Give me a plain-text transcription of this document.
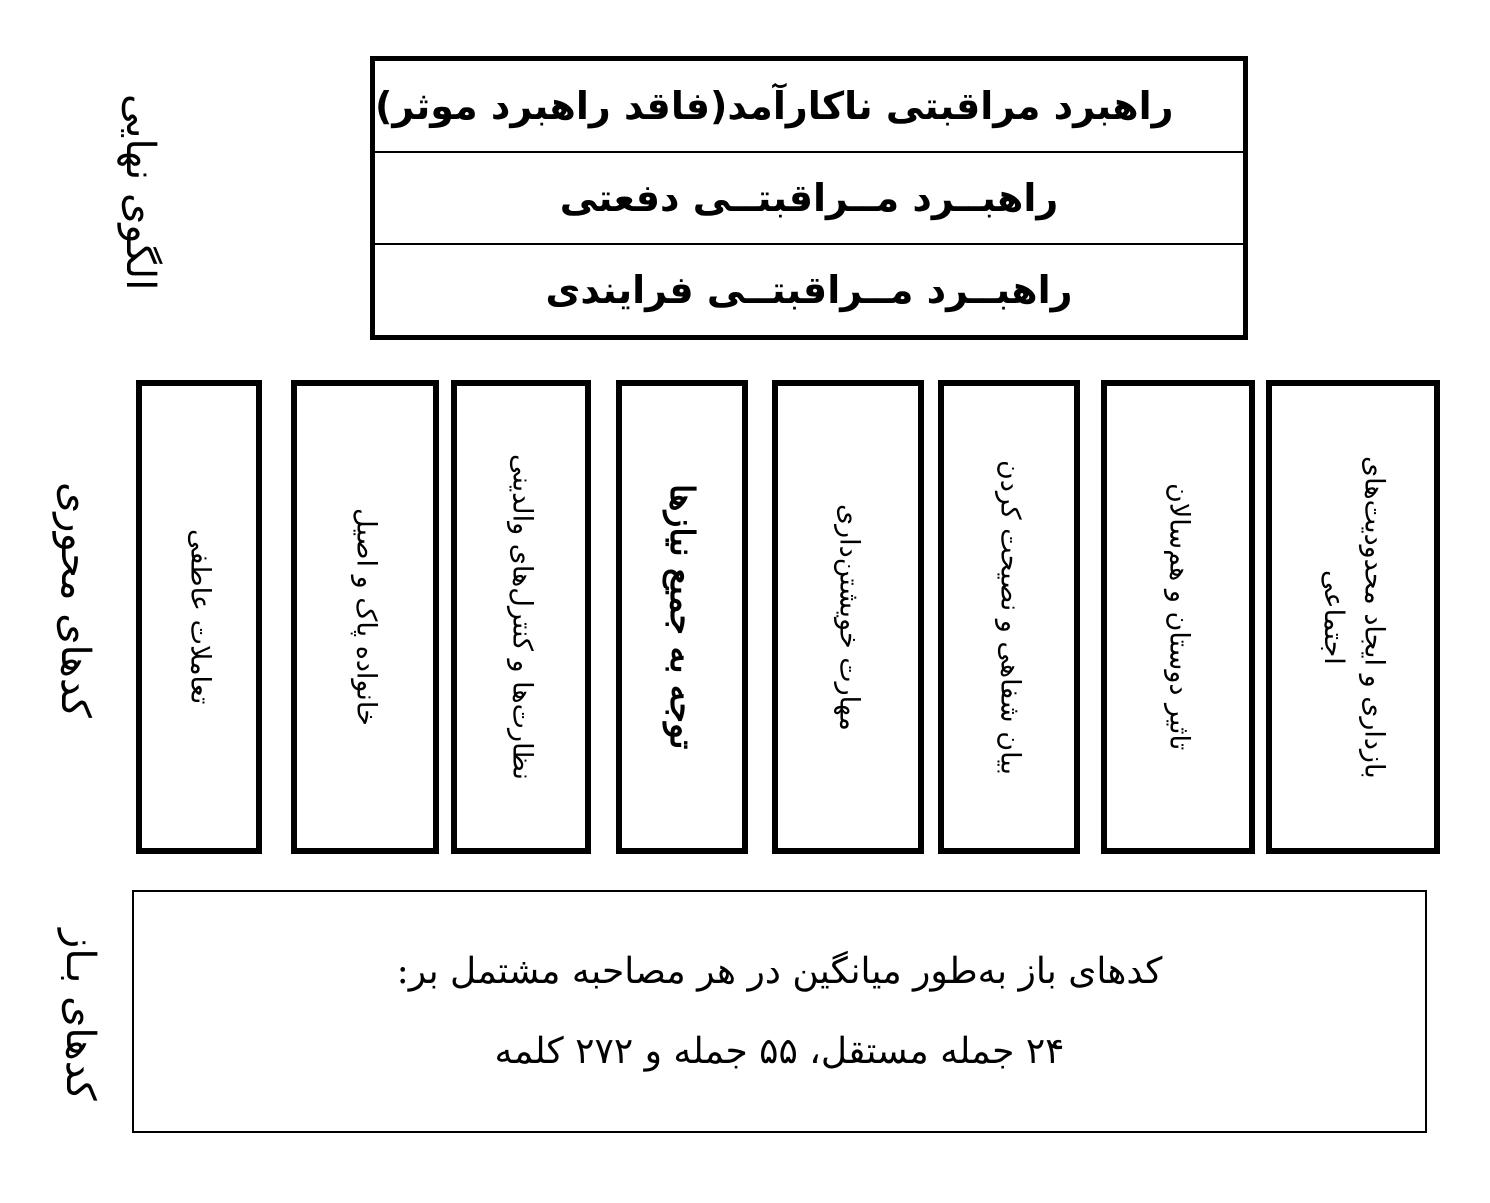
الگوی نهایی
کدهای محوری
کدهای بـاز
راهبرد مراقبتی ناکارآمد(فاقد راهبرد موثر)
راهبــرد مــراقبتــی دفعتی
راهبــرد مــراقبتــی فرایندی
بازداری و ایجاد محدودیت‌های اجتماعی
تاثیر دوستان و هم‌سالان
بیان شفاهی و نصیحت کردن
مهارت خویشتن‌داری
توجه به جمیع نیازها
نظارت‌ها و کنترل‌های والدینی
خانواده پاک و اصیل
تعاملات عاطفی
کدهای باز به‌طور میانگین در هر مصاحبه مشتمل بر:
۲۴ جمله مستقل، ۵۵ جمله و ۲۷۲ کلمه
